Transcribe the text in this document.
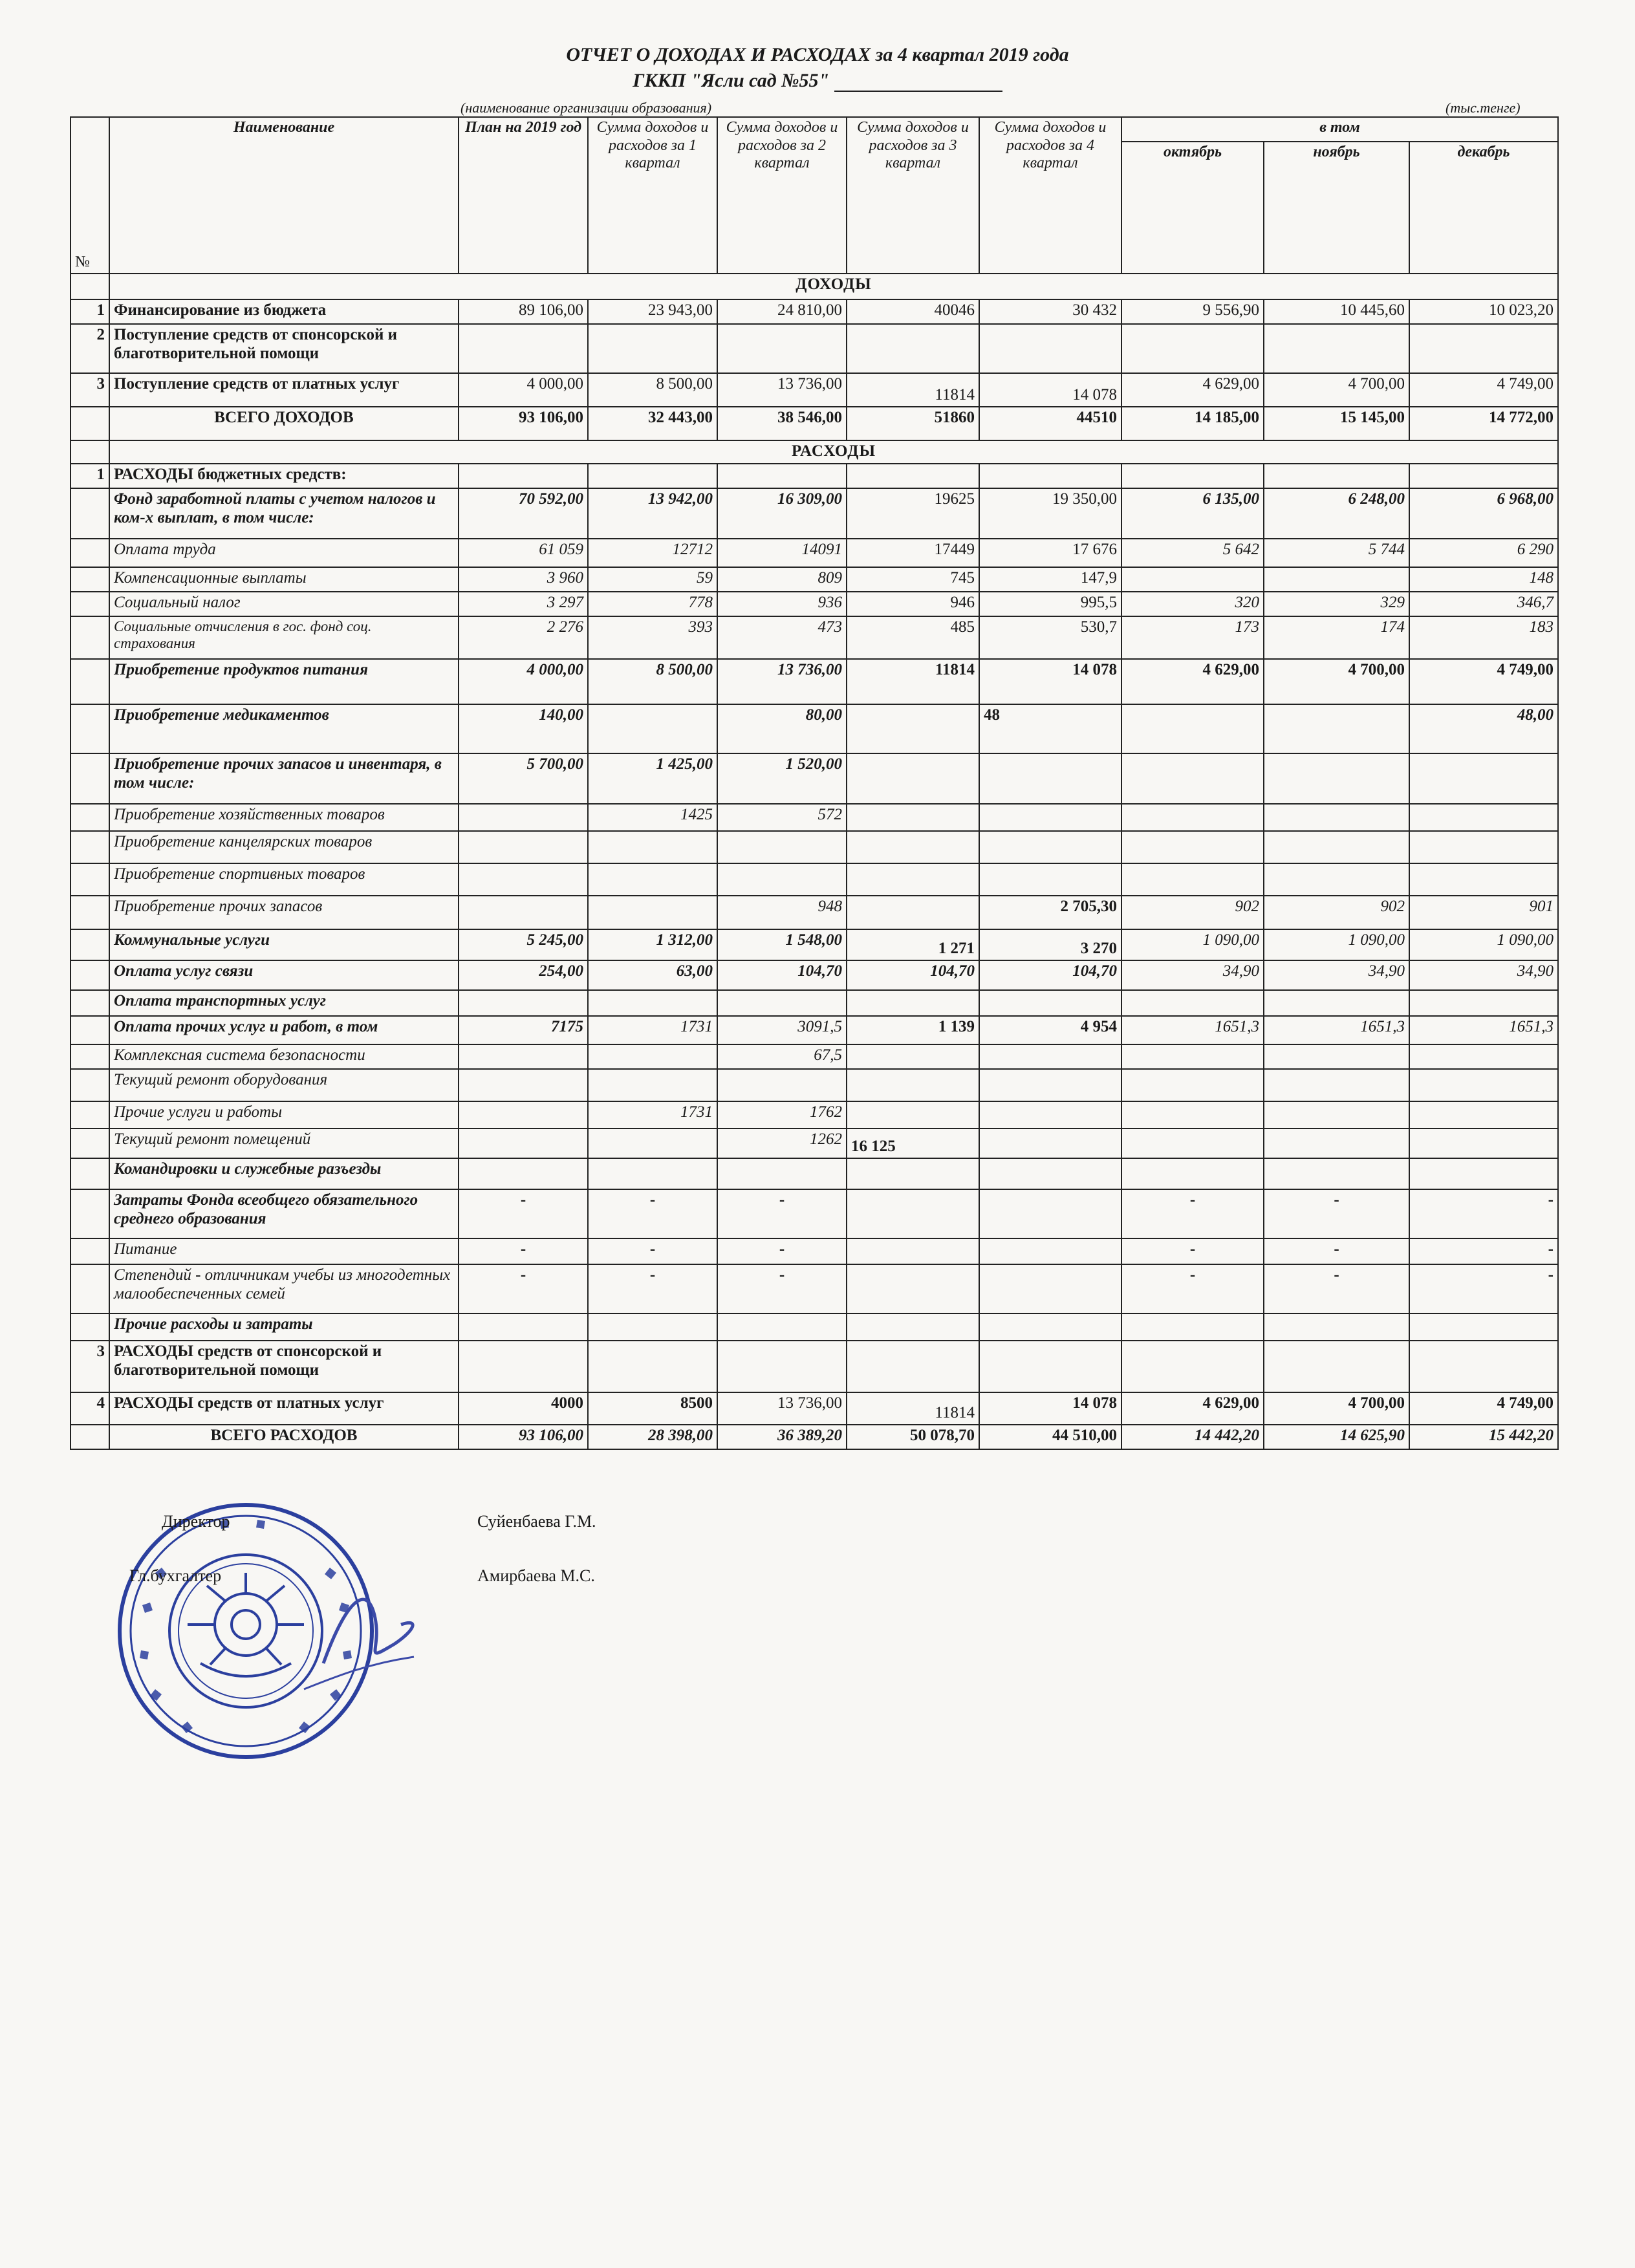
ОТЧЕТ О ДОХОДАХ И РАСХОДАХ за 4 квартал 2019 года
ГККП "Ясли сад №55"
(наименование организации образования)	(тыс.тенге)
№	Наименование	План на 2019 год	Сумма доходов и расходов за 1 квартал	Сумма доходов и расходов за 2 квартал	Сумма доходов и расходов за 3 квартал	Сумма доходов и расходов за 4 квартал	в том		
							октябрь	ноябрь	декабрь
	ДОХОДЫ								
1	Финансирование из бюджета	89 106,00	23 943,00	24 810,00	40046	30 432	9 556,90	10 445,60	10 023,20
2	Поступление средств от спонсорской и благотворительной помощи								
3	Поступление средств от платных услуг	4 000,00	8 500,00	13 736,00	11814	14 078	4 629,00	4 700,00	4 749,00
	ВСЕГО ДОХОДОВ	93 106,00	32 443,00	38 546,00	51860	44510	14 185,00	15 145,00	14 772,00
	РАСХОДЫ								
1	РАСХОДЫ бюджетных средств:								
	Фонд заработной платы с учетом налогов и ком-х выплат, в том числе:	70 592,00	13 942,00	16 309,00	19625	19 350,00	6 135,00	6 248,00	6 968,00
	Оплата труда	61 059	12712	14091	17449	17 676	5 642	5 744	6 290
	Компенсационные выплаты	3 960	59	809	745	147,9			148
	Социальный налог	3 297	778	936	946	995,5	320	329	346,7
	Социальные отчисления в гос. фонд соц. страхования	2 276	393	473	485	530,7	173	174	183
	Приобретение продуктов питания	4 000,00	8 500,00	13 736,00	11814	14 078	4 629,00	4 700,00	4 749,00
	Приобретение медикаментов	140,00		80,00		48			48,00
	Приобретение прочих запасов и инвентаря, в том числе:	5 700,00	1 425,00	1 520,00					
	Приобретение хозяйственных товаров		1425	572					
	Приобретение канцелярских товаров								
	Приобретение спортивных товаров								
	Приобретение прочих запасов			948		2 705,30	902	902	901
	Коммунальные услуги	5 245,00	1 312,00	1 548,00	1 271	3 270	1 090,00	1 090,00	1 090,00
	Оплата услуг связи	254,00	63,00	104,70	104,70	104,70	34,90	34,90	34,90
	Оплата транспортных услуг								
	Оплата прочих услуг и работ, в том	7175	1731	3091,5	1 139	4 954	1651,3	1651,3	1651,3
	Комплексная система безопасности			67,5					
	Текущий ремонт оборудования								
	Прочие услуги и работы		1731	1762					
	Текущий ремонт помещений			1262	16 125				
	Командировки и служебные разъезды								
	Затраты Фонда всеобщего обязательного среднего образования	-	-	-			-	-	-
	Питание	-	-	-			-	-	-
	Степендий - отличникам учебы из многодетных малообеспеченных семей	-	-	-			-	-	-
	Прочие расходы и затраты								
3	РАСХОДЫ средств от спонсорской и благотворительной помощи								
4	РАСХОДЫ средств от платных услуг	4000	8500	13 736,00	11814	14 078	4 629,00	4 700,00	4 749,00
	ВСЕГО РАСХОДОВ	93 106,00	28 398,00	36 389,20	50 078,70	44 510,00	14 442,20	14 625,90	15 442,20
Директор	Суйенбаева Г.М.
Гл.бухгалтер	Амирбаева М.С.
